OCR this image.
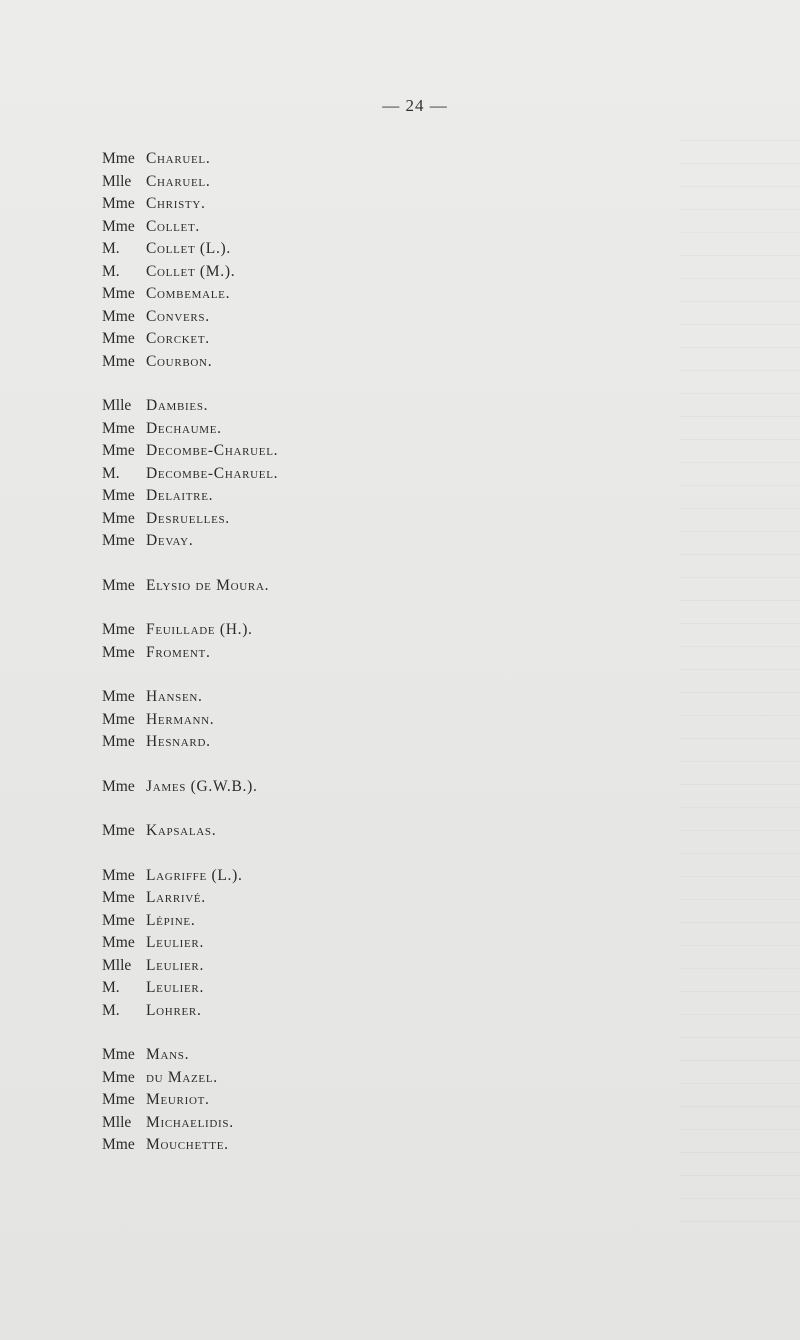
— 24 —
Mme Charuel.
Mlle Charuel.
Mme Christy.
Mme Collet.
M.	Collet (L.).
M.	Collet (M.).
Mme Combemale.
Mme Convers.
Mme Corcket.
Mme Courbon.
Mlle Dambies.
Mme Dechaume.
Mme Decombe-Charuel.
M.	Decombe-Charuel.
Mme Delaitre.
Mme Desruelles.
Mme Devay.
Mme Elysio de Moura.
Mme Feuillade (H.).
Mme Froment.
Mme Hansen.
Mme Hermann.
Mme Hesnard.
Mme James (G.W.B.).
Mme Kapsalas.
Mme Lagriffe (L.).
Mme Larrivé.
Mme Lépine.
Mme Leulier.
Mlle Leulier.
M.	Leulier.
M.	Lohrer.
Mme Mans.
Mme du Mazel.
Mme Meuriot.
Mlle Michaelidis.
Mme Mouchette.
